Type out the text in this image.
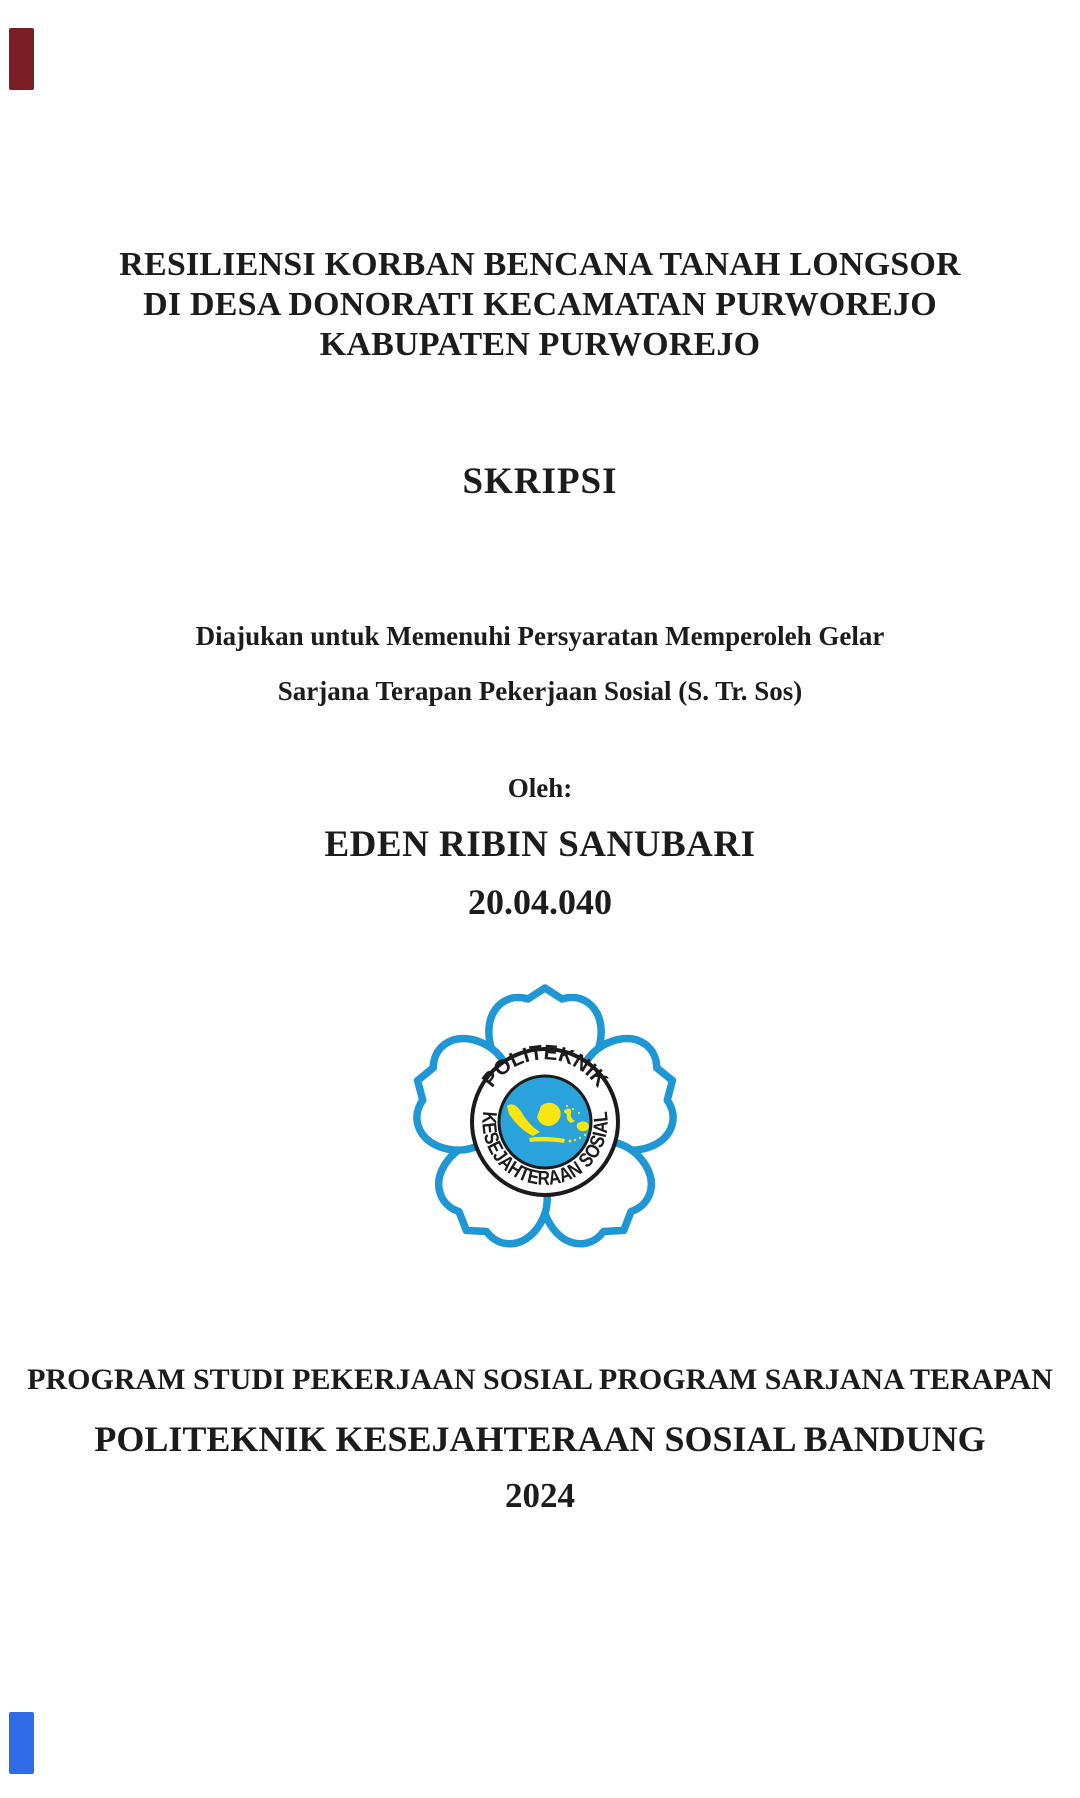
RESILIENSI KORBAN BENCANA TANAH LONGSOR
DI DESA DONORATI KECAMATAN PURWOREJO
KABUPATEN PURWOREJO
SKRIPSI
Diajukan untuk Memenuhi Persyaratan Memperoleh Gelar
Sarjana Terapan Pekerjaan Sosial (S. Tr. Sos)
Oleh:
EDEN RIBIN SANUBARI
20.04.040
POLITEKNIK
KESEJAHTERAAN SOSIAL
PROGRAM STUDI PEKERJAAN SOSIAL PROGRAM SARJANA TERAPAN
POLITEKNIK KESEJAHTERAAN SOSIAL BANDUNG
2024
